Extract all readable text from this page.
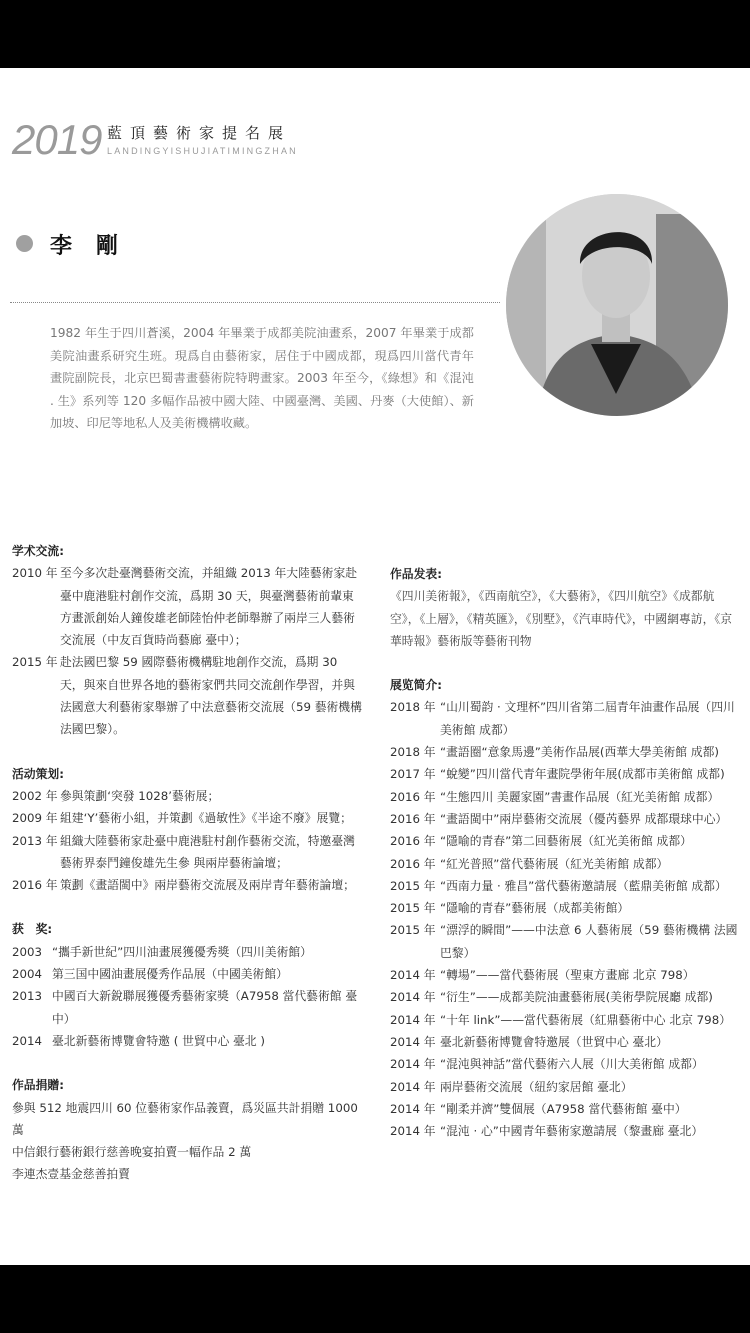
2019 藍頂藝術家提名展
LANDINGYISHUJIATIMINGZHAN
李剛
1982 年生于四川蒼溪，2004 年畢業于成都美院油畫系，2007 年畢業于成都美院油畫系研究生班。現爲自由藝術家，居住于中國成都，現爲四川當代青年畫院副院長，北京巴蜀書畫藝術院特聘畫家。2003 年至今，《綠想》和《混沌 . 生》系列等 120 多幅作品被中國大陸、中國臺灣、美國、丹麥（大使館）、新加坡、印尼等地私人及美術機構收藏。
学术交流:
2010 年 至今多次赴臺灣藝術交流，并組織 2013 年大陸藝術家赴臺中鹿港駐村創作交流，爲期 30 天，與臺灣藝術前輩東方畫派創始人鐘俊雄老師陸怡仲老師舉辦了兩岸三人藝術交流展（中友百貨時尚藝廊 臺中）；
2015 年 赴法國巴黎 59 國際藝術機構駐地創作交流，爲期 30 天，與來自世界各地的藝術家們共同交流創作學習，并與法國意大利藝術家舉辦了中法意藝術交流展（59 藝術機構 法國巴黎）。
活动策划:
2002 年 參與策劃‘突發 1028’藝術展；
2009 年 組建‘Y’藝術小組，并策劃《過敏性》《半途不廢》展覽；
2013 年 組織大陸藝術家赴臺中鹿港駐村創作藝術交流，特邀臺灣藝術界泰鬥鐘俊雄先生參 與兩岸藝術論壇；
2016 年 策劃《畫語閩中》兩岸藝術交流展及兩岸青年藝術論壇；
获　奖:
2003 “攜手新世紀”四川油畫展獲優秀獎（四川美術館）
2004 第三国中國油畫展優秀作品展（中國美術館）
2013 中國百大新銳聯展獲優秀藝術家獎（A7958 當代藝術館 臺中）
2014 臺北新藝術博覽會特邀 ( 世貿中心 臺北 )
作品捐贈:
參與 512 地震四川 60 位藝術家作品義賣，爲災區共計捐贈 1000 萬
中信銀行藝術銀行慈善晚宴拍賣一幅作品 2 萬
李連杰壹基金慈善拍賣
作品发表:
《四川美術報》，《西南航空》，《大藝術》，《四川航空》《成都航空》，《上層》，《精英匯》，《別墅》，《汽車時代》，中國網專訪，《京華時報》藝術版等藝術刊物
展览简介:
2018 年 “山川蜀韵 · 文理杯”四川省第二屆青年油畫作品展（四川美術館 成都）
2018 年 “畫語圈“意象馬邊”美術作品展(西華大學美術館 成都)
2017 年 “蛻變”四川當代青年畫院學術年展(成都市美術館 成都)
2016 年 “生態四川 美麗家園”書畫作品展（紅光美術館 成都）
2016 年 “畫語閩中”兩岸藝術交流展（優芮藝界 成都環球中心）
2016 年 “隱喻的青春”第二回藝術展（紅光美術館 成都）
2016 年 “紅光普照”當代藝術展（紅光美術館 成都）
2015 年 “西南力量 · 雅昌”當代藝術邀請展（藍鼎美術館 成都）
2015 年 “隱喻的青春”藝術展（成都美術館）
2015 年 “漂浮的瞬間”——中法意 6 人藝術展（59 藝術機構 法國巴黎）
2014 年 “轉場”——當代藝術展（聖東方畫廊 北京 798）
2014 年 “衍生”——成都美院油畫藝術展(美術學院展廳 成都)
2014 年 “十年 link”——當代藝術展（紅鼎藝術中心 北京 798）
2014 年 臺北新藝術博覽會特邀展（世貿中心 臺北）
2014 年 “混沌與神話”當代藝術六人展（川大美術館 成都）
2014 年 兩岸藝術交流展（紐約家居館 臺北）
2014 年 “剛柔并濟”雙個展（A7958 當代藝術館 臺中）
2014 年 “混沌 · 心”中國青年藝術家邀請展（黎畫廊 臺北）
